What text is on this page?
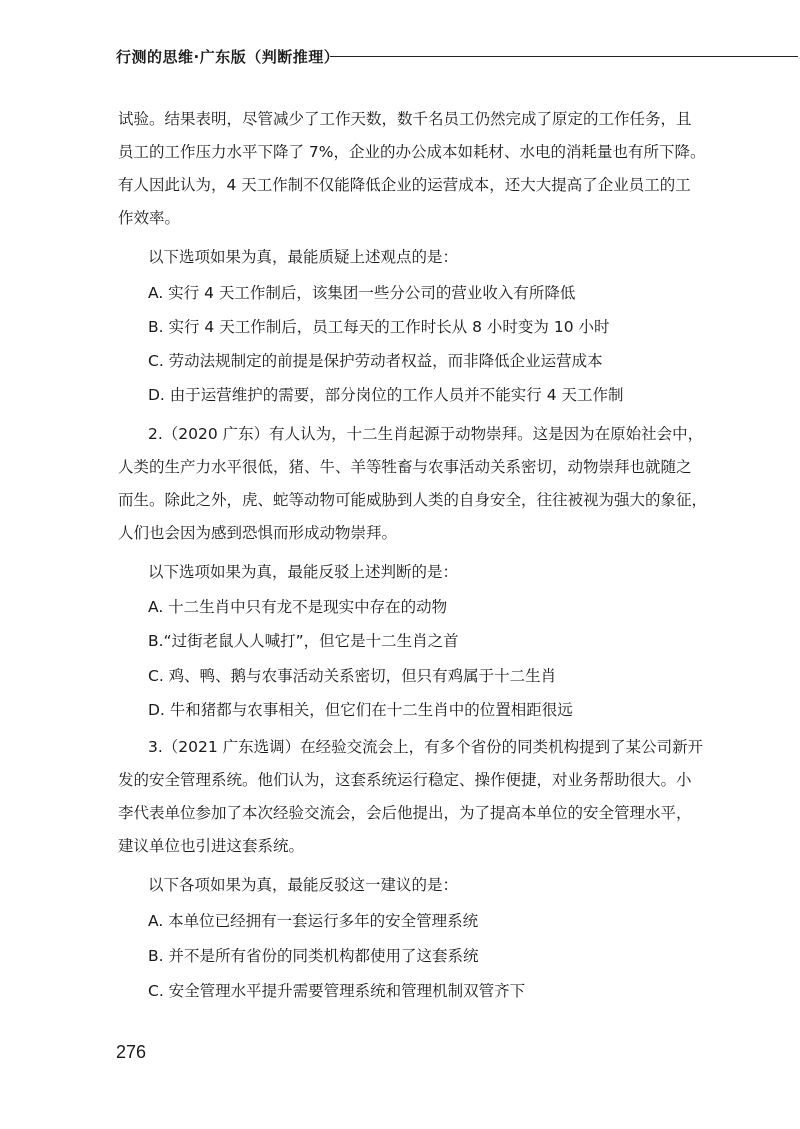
行测的思维·广东版（判断推理）
试验。结果表明，尽管减少了工作天数，数千名员工仍然完成了原定的工作任务，且
员工的工作压力水平下降了 7%，企业的办公成本如耗材、水电的消耗量也有所下降。
有人因此认为，4 天工作制不仅能降低企业的运营成本，还大大提高了企业员工的工
作效率。
以下选项如果为真，最能质疑上述观点的是：
A. 实行 4 天工作制后，该集团一些分公司的营业收入有所降低
B. 实行 4 天工作制后，员工每天的工作时长从 8 小时变为 10 小时
C. 劳动法规制定的前提是保护劳动者权益，而非降低企业运营成本
D. 由于运营维护的需要，部分岗位的工作人员并不能实行 4 天工作制
2.（2020 广东）有人认为，十二生肖起源于动物崇拜。这是因为在原始社会中，
人类的生产力水平很低，猪、牛、羊等牲畜与农事活动关系密切，动物崇拜也就随之
而生。除此之外，虎、蛇等动物可能威胁到人类的自身安全，往往被视为强大的象征，
人们也会因为感到恐惧而形成动物崇拜。
以下选项如果为真，最能反驳上述判断的是：
A. 十二生肖中只有龙不是现实中存在的动物
B.“过街老鼠人人喊打”，但它是十二生肖之首
C. 鸡、鸭、鹅与农事活动关系密切，但只有鸡属于十二生肖
D. 牛和猪都与农事相关，但它们在十二生肖中的位置相距很远
3.（2021 广东选调）在经验交流会上，有多个省份的同类机构提到了某公司新开
发的安全管理系统。他们认为，这套系统运行稳定、操作便捷，对业务帮助很大。小
李代表单位参加了本次经验交流会，会后他提出，为了提高本单位的安全管理水平，
建议单位也引进这套系统。
以下各项如果为真，最能反驳这一建议的是：
A. 本单位已经拥有一套运行多年的安全管理系统
B. 并不是所有省份的同类机构都使用了这套系统
C. 安全管理水平提升需要管理系统和管理机制双管齐下
276
